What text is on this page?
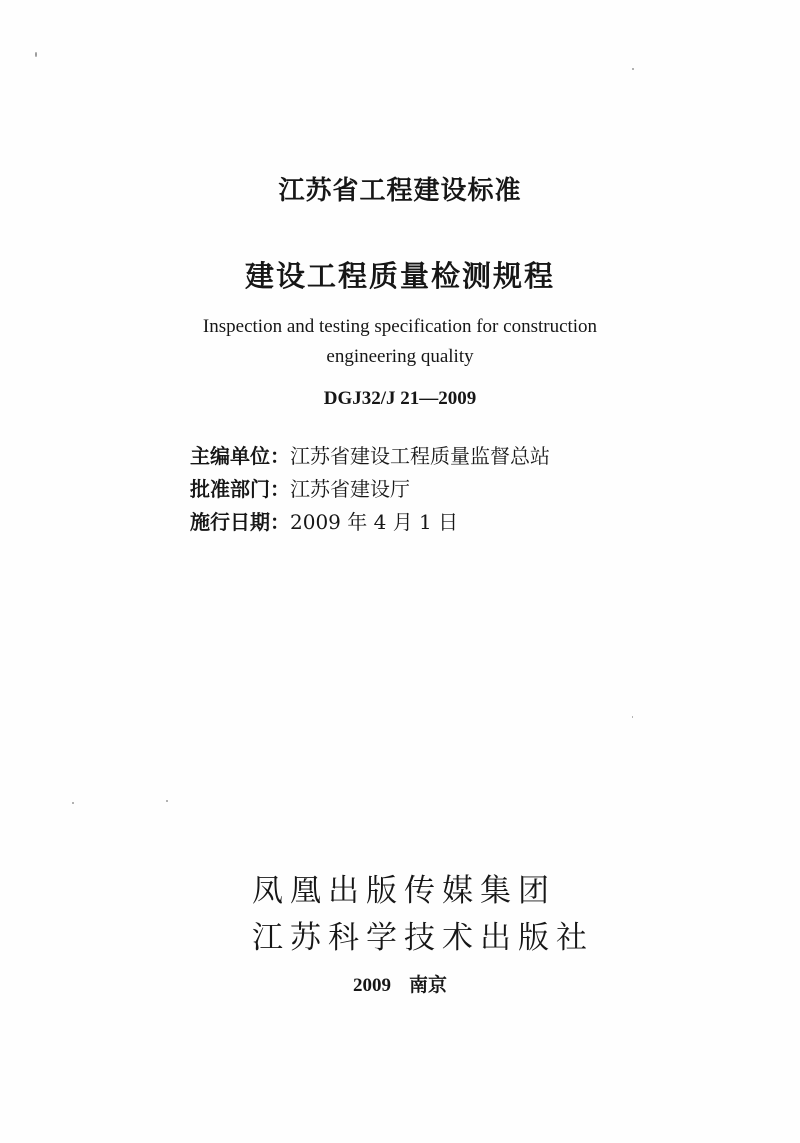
江苏省工程建设标准
建设工程质量检测规程
Inspection and testing specification for construction
engineering quality
DGJ32/J 21—2009
主编单位：江苏省建设工程质量监督总站
批准部门：江苏省建设厅
施行日期：2009 年 4 月 1 日
凤凰出版传媒集团
江苏科学技术出版社
2009 南京
